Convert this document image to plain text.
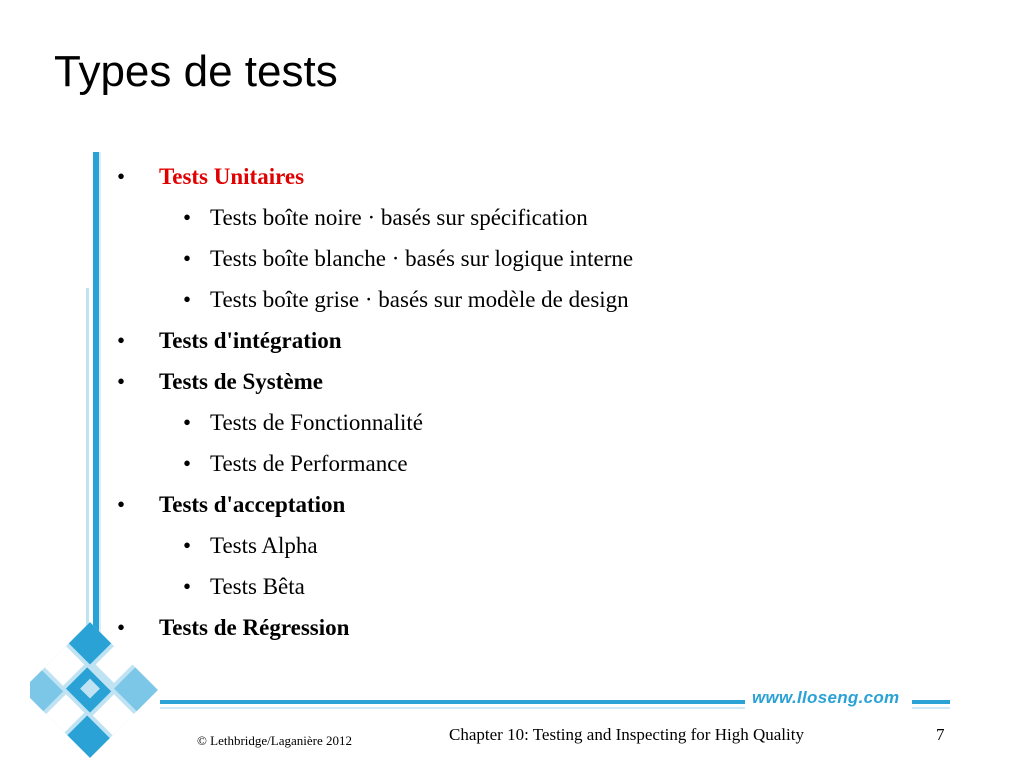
Types de tests
www.lloseng.com
• Tests Unitaires
• Tests boîte noire · basés sur spécification
• Tests boîte blanche · basés sur logique interne
• Tests boîte grise · basés sur modèle de design
• Tests d'intégration
• Tests de Système
• Tests de Fonctionnalité
• Tests de Performance
• Tests d'acceptation
• Tests Alpha
• Tests Bêta
• Tests de Régression
© Lethbridge/Laganière 2012	Chapter 10: Testing and Inspecting for High Quality	7
